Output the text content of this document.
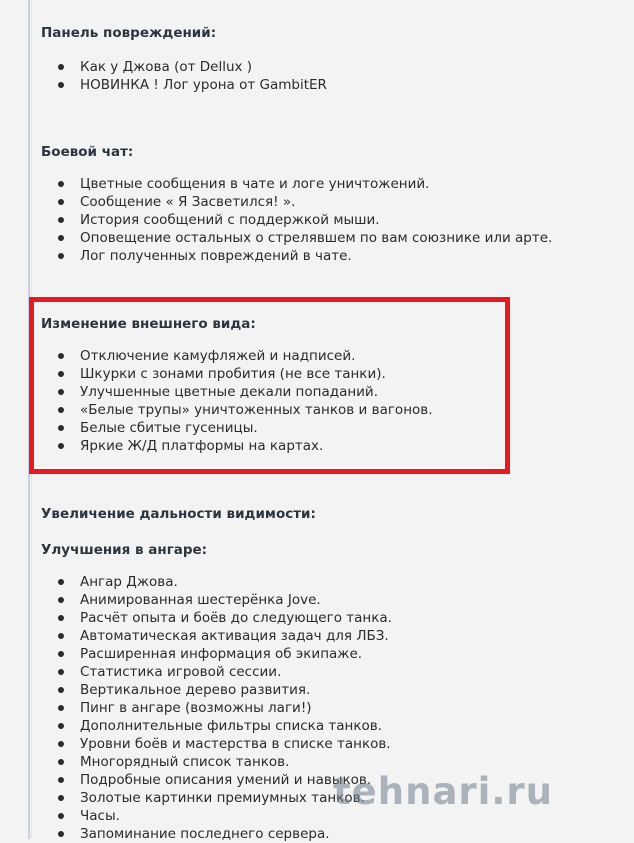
Панель повреждений:
Как у Джова (от Dellux )
НОВИНКА ! Лог урона от GambitER
Боевой чат:
Цветные сообщения в чате и логе уничтожений.
Сообщение « Я Засветился! ».
История сообщений с поддержкой мыши.
Оповещение остальных о стрелявшем по вам союзнике или арте.
Лог полученных повреждений в чате.
Изменение внешнего вида:
Отключение камуфляжей и надписей.
Шкурки с зонами пробития (не все танки).
Улучшенные цветные декали попаданий.
«Белые трупы» уничтоженных танков и вагонов.
Белые сбитые гусеницы.
Яркие Ж/Д платформы на картах.
Увеличение дальности видимости:
Улучшения в ангаре:
Ангар Джова.
Анимированная шестерёнка Jove.
Расчёт опыта и боёв до следующего танка.
Автоматическая активация задач для ЛБЗ.
Расширенная информация об экипаже.
Статистика игровой сессии.
Вертикальное дерево развития.
Пинг в ангаре (возможны лаги!)
Дополнительные фильтры списка танков.
Уровни боёв и мастерства в списке танков.
Многорядный список танков.
Подробные описания умений и навыков.
Золотые картинки премиумных танков.
Часы.
Запоминание последнего сервера.
tehnari.ru
